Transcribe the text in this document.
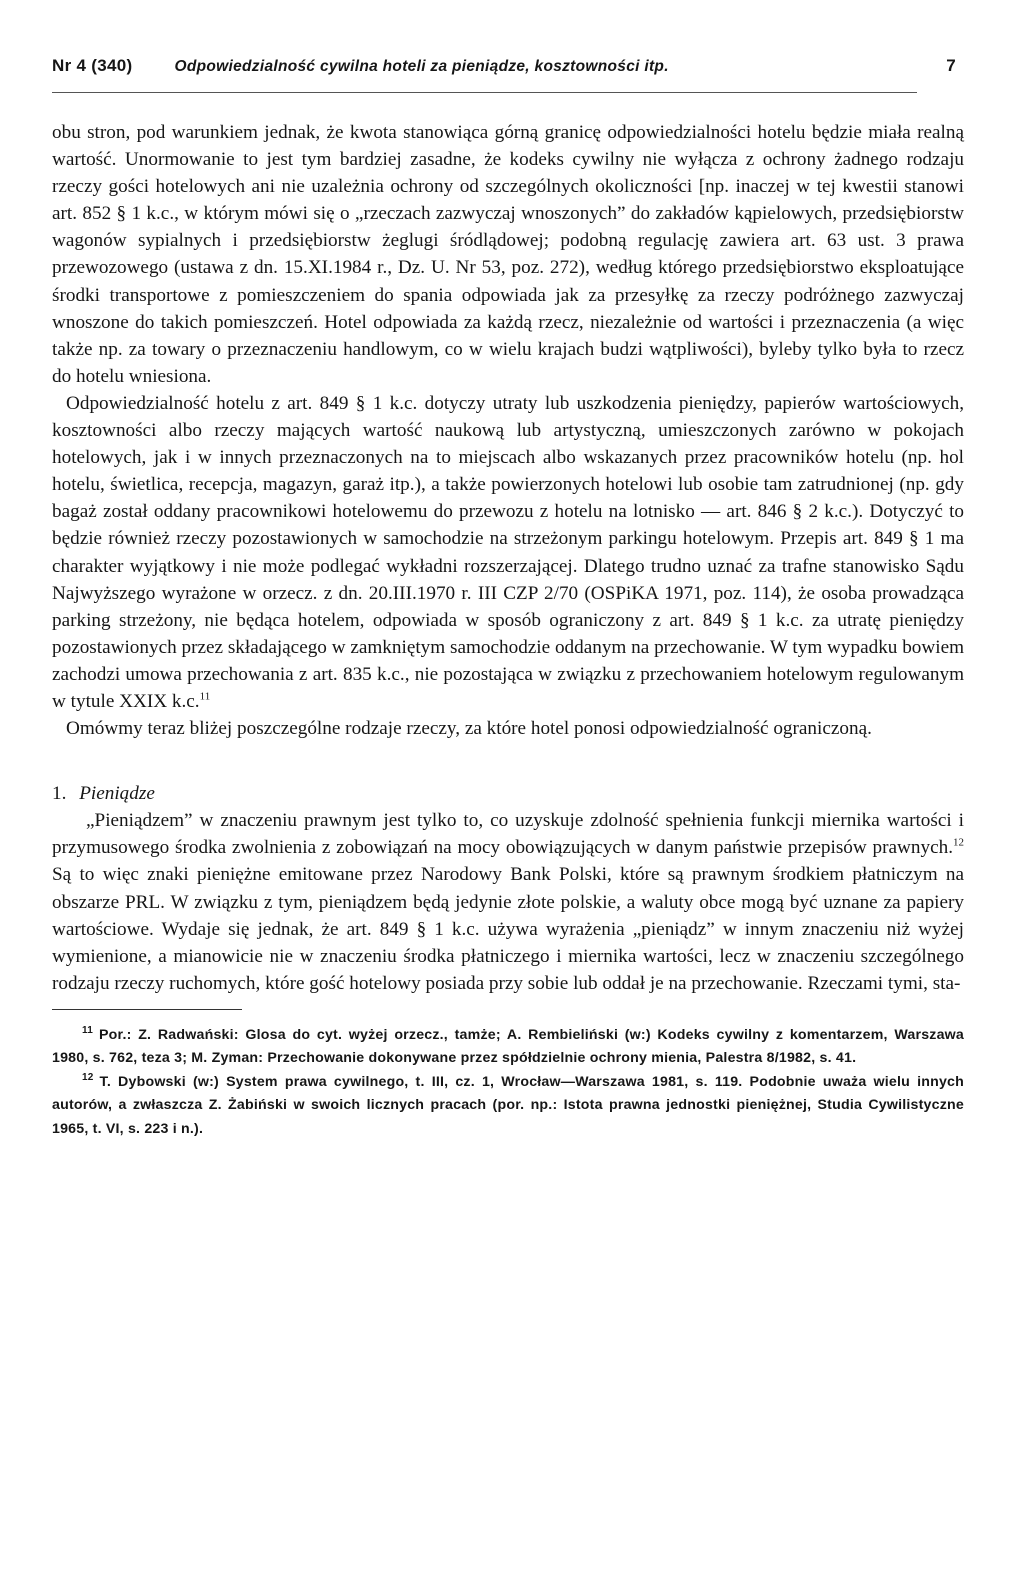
Nr 4 (340)	Odpowiedzialność cywilna hoteli za pieniądze, kosztowności itp.	7

obu stron, pod warunkiem jednak, że kwota stanowiąca górną granicę odpowiedzialności hotelu będzie miała realną wartość. Unormowanie to jest tym bardziej zasadne, że kodeks cywilny nie wyłącza z ochrony żadnego rodzaju rzeczy gości hotelowych ani nie uzależnia ochrony od szczególnych okoliczności [np. inaczej w tej kwestii stanowi art. 852 § 1 k.c., w którym mówi się o „rzeczach zazwyczaj wnoszonych” do zakładów kąpielowych, przedsiębiorstw wagonów sypialnych i przedsiębiorstw żeglugi śródlądowej; podobną regulację zawiera art. 63 ust. 3 prawa przewozowego (ustawa z dn. 15.XI.1984 r., Dz. U. Nr 53, poz. 272), według którego przedsiębiorstwo eksploatujące środki transportowe z pomieszczeniem do spania odpowiada jak za przesyłkę za rzeczy podróżnego zazwyczaj wnoszone do takich pomieszczeń. Hotel odpowiada za każdą rzecz, niezależnie od wartości i przeznaczenia (a więc także np. za towary o przeznaczeniu handlowym, co w wielu krajach budzi wątpliwości), byleby tylko była to rzecz do hotelu wniesiona.

Odpowiedzialność hotelu z art. 849 § 1 k.c. dotyczy utraty lub uszkodzenia pieniędzy, papierów wartościowych, kosztowności albo rzeczy mających wartość naukową lub artystyczną, umieszczonych zarówno w pokojach hotelowych, jak i w innych przeznaczonych na to miejscach albo wskazanych przez pracowników hotelu (np. hol hotelu, świetlica, recepcja, magazyn, garaż itp.), a także powierzonych hotelowi lub osobie tam zatrudnionej (np. gdy bagaż został oddany pracownikowi hotelowemu do przewozu z hotelu na lotnisko — art. 846 § 2 k.c.). Dotyczyć to będzie również rzeczy pozostawionych w samochodzie na strzeżonym parkingu hotelowym. Przepis art. 849 § 1 ma charakter wyjątkowy i nie może podlegać wykładni rozszerzającej. Dlatego trudno uznać za trafne stanowisko Sądu Najwyższego wyrażone w orzecz. z dn. 20.III.1970 r. III CZP 2/70 (OSPiKA 1971, poz. 114), że osoba prowadząca parking strzeżony, nie będąca hotelem, odpowiada w sposób ograniczony z art. 849 § 1 k.c. za utratę pieniędzy pozostawionych przez składającego w zamkniętym samochodzie oddanym na przechowanie. W tym wypadku bowiem zachodzi umowa przechowania z art. 835 k.c., nie pozostająca w związku z przechowaniem hotelowym regulowanym w tytule XXIX k.c.$^{11}$

Omówmy teraz bliżej poszczególne rodzaje rzeczy, za które hotel ponosi odpowiedzialność ograniczoną.

1. Pieniądze

„Pieniądzem” w znaczeniu prawnym jest tylko to, co uzyskuje zdolność spełnienia funkcji miernika wartości i przymusowego środka zwolnienia z zobowiązań na mocy obowiązujących w danym państwie przepisów prawnych.$^{12}$ Są to więc znaki pieniężne emitowane przez Narodowy Bank Polski, które są prawnym środkiem płatniczym na obszarze PRL. W związku z tym, pieniądzem będą jedynie złote polskie, a waluty obce mogą być uznane za papiery wartościowe. Wydaje się jednak, że art. 849 § 1 k.c. używa wyrażenia „pieniądz” w innym znaczeniu niż wyżej wymienione, a mianowicie nie w znaczeniu środka płatniczego i miernika wartości, lecz w znaczeniu szczególnego rodzaju rzeczy ruchomych, które gość hotelowy posiada przy sobie lub oddał je na przechowanie. Rzeczami tymi, sta-

$^{11}$ Por.: Z. Radwański: Glosa do cyt. wyżej orzecz., tamże; A. Rembieliński (w:) Kodeks cywilny z komentarzem, Warszawa 1980, s. 762, teza 3; M. Zyman: Przechowanie dokonywane przez spółdzielnie ochrony mienia, Palestra 8/1982, s. 41.

$^{12}$ T. Dybowski (w:) System prawa cywilnego, t. III, cz. 1, Wrocław—Warszawa 1981, s. 119. Podobnie uważa wielu innych autorów, a zwłaszcza Z. Żabiński w swoich licznych pracach (por. np.: Istota prawna jednostki pieniężnej, Studia Cywilistyczne 1965, t. VI, s. 223 i n.).
